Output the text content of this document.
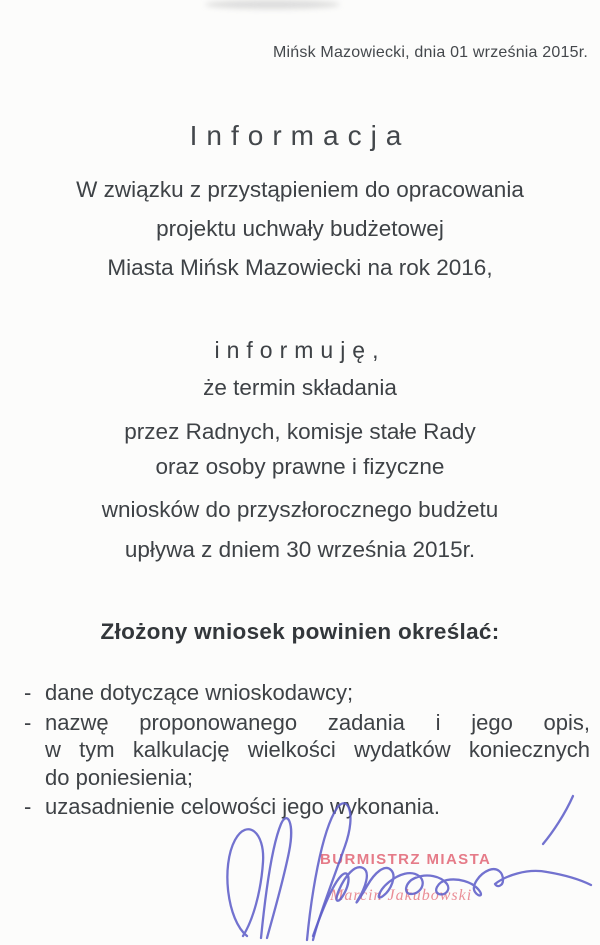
Mińsk Mazowiecki, dnia 01 września 2015r.
Informacja
W związku z przystąpieniem do opracowania
projektu uchwały budżetowej
Miasta Mińsk Mazowiecki na rok 2016,
informuję,
że termin składania
przez Radnych, komisje stałe Rady
oraz osoby prawne i fizyczne
wniosków do przyszłorocznego budżetu
upływa z dniem 30 września 2015r.
Złożony wniosek powinien określać:
- dane dotyczące wnioskodawcy;
- nazwę proponowanego zadania i jego opis,
w tym kalkulację wielkości wydatków koniecznych
do poniesienia;
- uzasadnienie celowości jego wykonania.
BURMISTRZ MIASTA
Marcin Jakubowski
